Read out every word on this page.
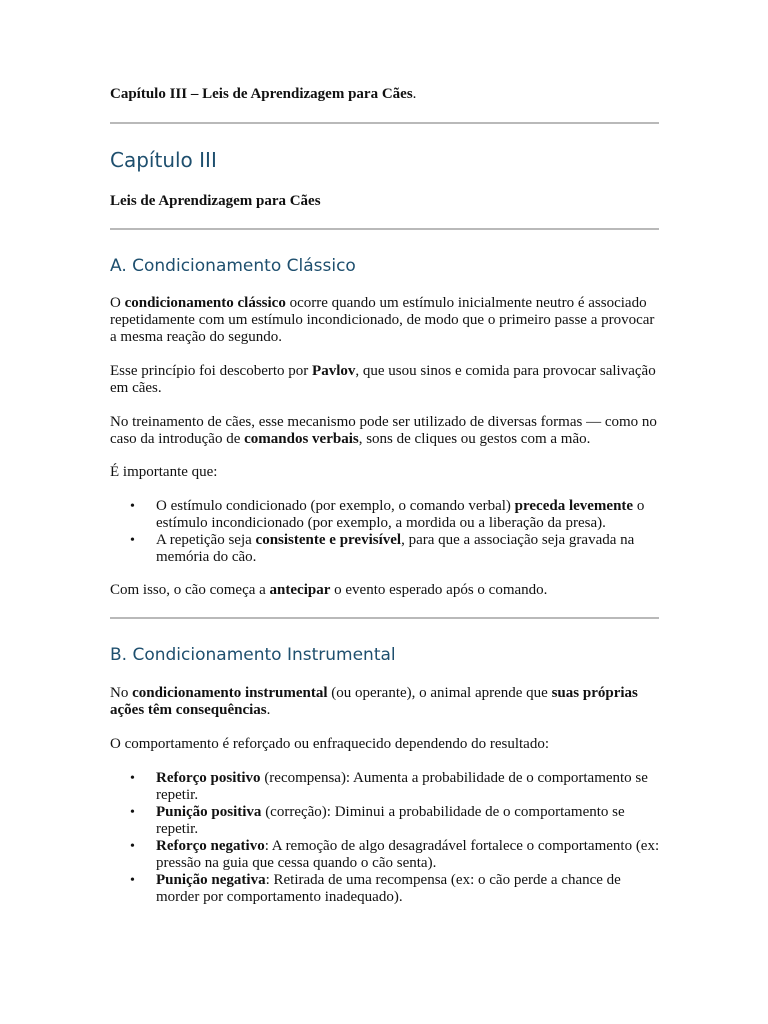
Capítulo III – Leis de Aprendizagem para Cães.

Capítulo III

Leis de Aprendizagem para Cães

A. Condicionamento Clássico

O condicionamento clássico ocorre quando um estímulo inicialmente neutro é associado repetidamente com um estímulo incondicionado, de modo que o primeiro passe a provocar a mesma reação do segundo.

Esse princípio foi descoberto por Pavlov, que usou sinos e comida para provocar salivação em cães.

No treinamento de cães, esse mecanismo pode ser utilizado de diversas formas — como no caso da introdução de comandos verbais, sons de cliques ou gestos com a mão.

É importante que:

• O estímulo condicionado (por exemplo, o comando verbal) preceda levemente o estímulo incondicionado (por exemplo, a mordida ou a liberação da presa).
• A repetição seja consistente e previsível, para que a associação seja gravada na memória do cão.

Com isso, o cão começa a antecipar o evento esperado após o comando.

B. Condicionamento Instrumental

No condicionamento instrumental (ou operante), o animal aprende que suas próprias ações têm consequências.

O comportamento é reforçado ou enfraquecido dependendo do resultado:

• Reforço positivo (recompensa): Aumenta a probabilidade de o comportamento se repetir.
• Punição positiva (correção): Diminui a probabilidade de o comportamento se repetir.
• Reforço negativo: A remoção de algo desagradável fortalece o comportamento (ex: pressão na guia que cessa quando o cão senta).
• Punição negativa: Retirada de uma recompensa (ex: o cão perde a chance de morder por comportamento inadequado).
